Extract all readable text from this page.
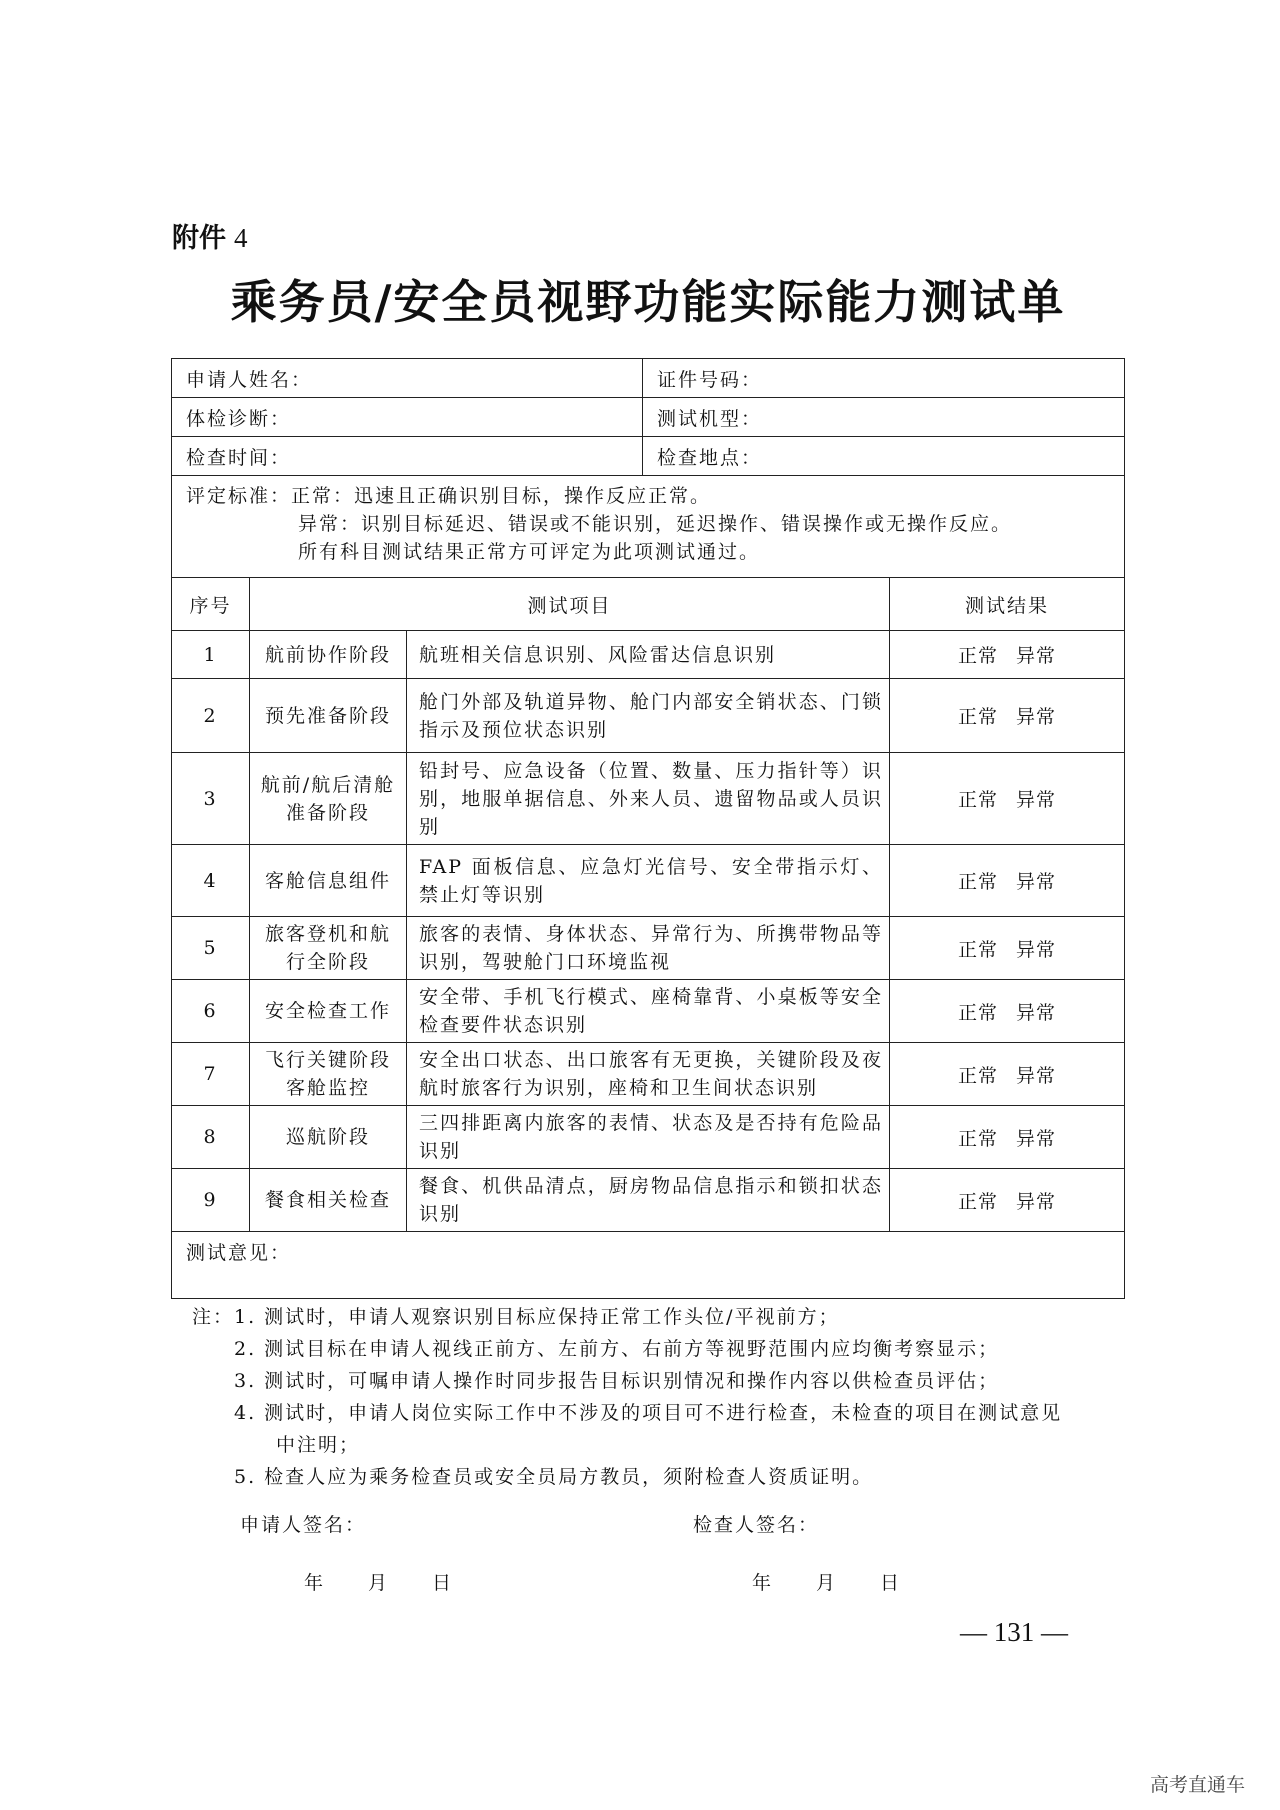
附件 4
乘务员/安全员视野功能实际能力测试单
申请人姓名：			证件号码：	
体检诊断：			测试机型：	
检查时间：			检查地点：	

评定标准：正常：迅速且正确识别目标，操作反应正常。
异常：识别目标延迟、错误或不能识别，延迟操作、错误操作或无操作反应。
所有科目测试结果正常方可评定为此项测试通过。				

序号	测试项目			测试结果
1	航前协作阶段	航班相关信息识别、风险雷达信息识别		正常 异常
2	预先准备阶段	舱门外部及轨道异物、舱门内部安全销状态、门锁指示及预位状态识别		正常 异常
3	航前/航后清舱准备阶段	铅封号、应急设备（位置、数量、压力指针等）识别，地服单据信息、外来人员、遗留物品或人员识别		正常 异常
4	客舱信息组件	FAP 面板信息、应急灯光信号、安全带指示灯、禁止灯等识别		正常 异常
5	旅客登机和航行全阶段	旅客的表情、身体状态、异常行为、所携带物品等识别，驾驶舱门口环境监视		正常 异常
6	安全检查工作	安全带、手机飞行模式、座椅靠背、小桌板等安全检查要件状态识别		正常 异常
7	飞行关键阶段客舱监控	安全出口状态、出口旅客有无更换，关键阶段及夜航时旅客行为识别，座椅和卫生间状态识别		正常 异常
8	巡航阶段	三四排距离内旅客的表情、状态及是否持有危险品识别		正常 异常
9	餐食相关检查	餐食、机供品清点，厨房物品信息指示和锁扣状态识别		正常 异常
测试意见：				
注： 1. 测试时，申请人观察识别目标应保持正常工作头位/平视前方；
2. 测试目标在申请人视线正前方、左前方、右前方等视野范围内应均衡考察显示；
3. 测试时，可嘱申请人操作时同步报告目标识别情况和操作内容以供检查员评估；
4. 测试时，申请人岗位实际工作中不涉及的项目可不进行检查，未检查的项目在测试意见
中注明；
5. 检查人应为乘务检查员或安全员局方教员，须附检查人资质证明。
申请人签名：	检查人签名：
年 月 日	年 月 日
— 131 —
高考直通车
